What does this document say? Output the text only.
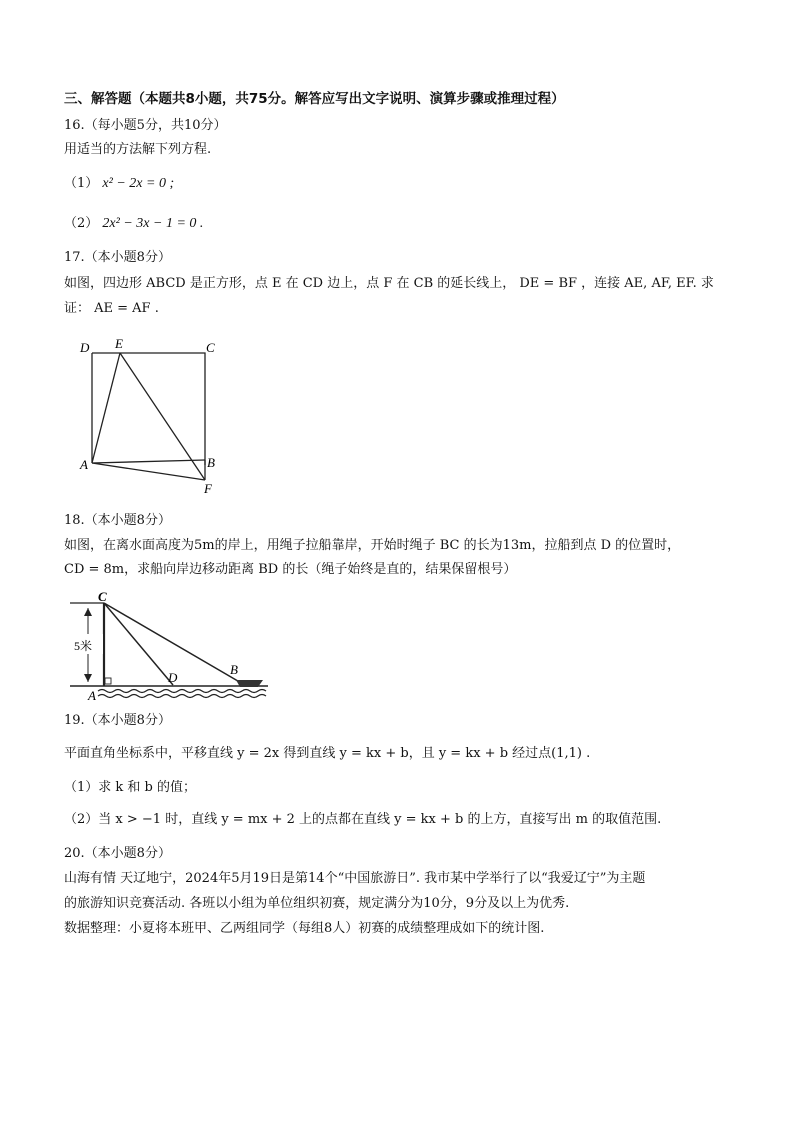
三、解答题（本题共8小题，共75分。解答应写出文字说明、演算步骤或推理过程）
16.（每小题5分，共10分）
用适当的方法解下列方程.
（1） x² − 2x = 0 ;
（2） 2x² − 3x − 1 = 0 .
17.（本小题8分）
如图，四边形 ABCD 是正方形，点 E 在 CD 边上，点 F 在 CB 的延长线上， DE = BF ，连接 AE, AF, EF. 求
证： AE = AF .
D E	C
A	B
F
18.（本小题8分）
如图，在离水面高度为5m的岸上，用绳子拉船靠岸，开始时绳子 BC 的长为13m，拉船到点 D 的位置时，
CD = 8m，求船向岸边移动距离 BD 的长（绳子始终是直的，结果保留根号）
5米
C
D
B
A
19.（本小题8分）
平面直角坐标系中，平移直线 y = 2x 得到直线 y = kx + b，且 y = kx + b 经过点(1,1) .
（1）求 k 和 b 的值；
（2）当 x > −1 时，直线 y = mx + 2 上的点都在直线 y = kx + b 的上方，直接写出 m 的取值范围.
20.（本小题8分）
山海有情 天辽地宁，2024年5月19日是第14个“中国旅游日”. 我市某中学举行了以“我爱辽宁”为主题
的旅游知识竞赛活动. 各班以小组为单位组织初赛，规定满分为10分，9分及以上为优秀.
数据整理：小夏将本班甲、乙两组同学（每组8人）初赛的成绩整理成如下的统计图.
